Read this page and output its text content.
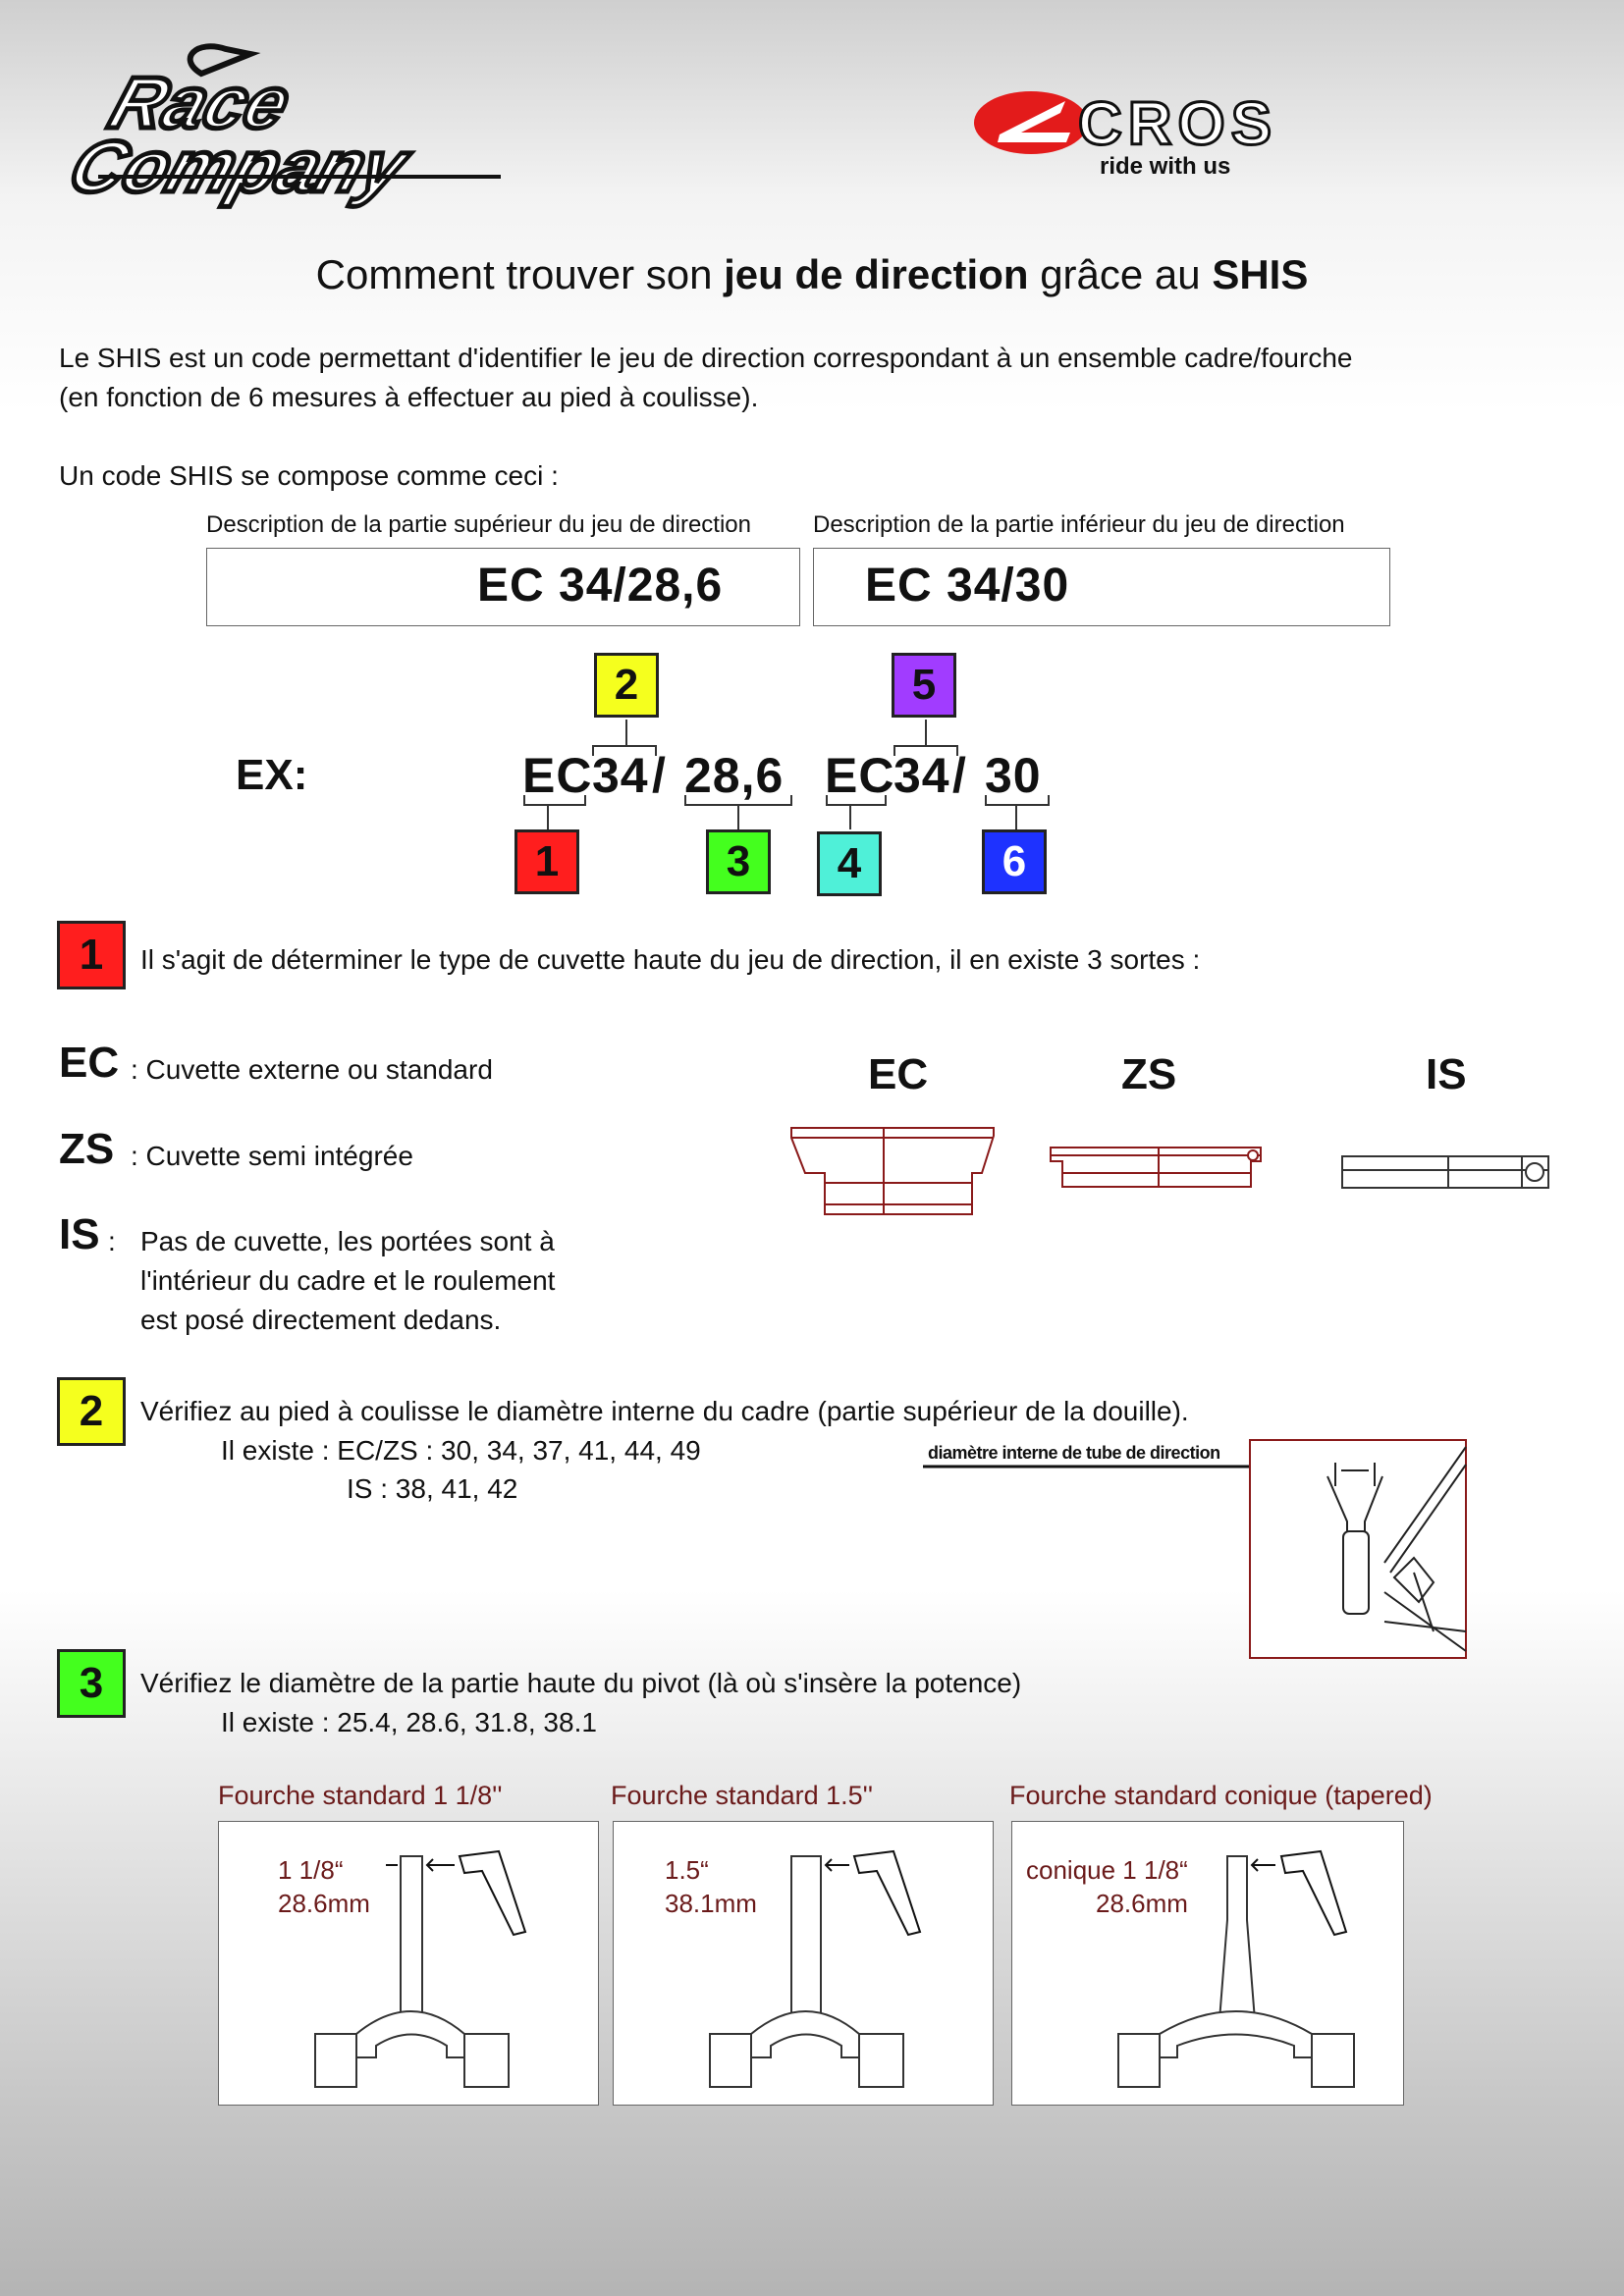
Race
Company
CROS
ride with us
Comment trouver son jeu de direction grâce au SHIS
Le SHIS est un code permettant d'identifier le jeu de direction correspondant à un ensemble cadre/fourche
(en fonction de 6 mesures à effectuer au pied à coulisse).
Un code SHIS se compose comme ceci :
Description de la partie supérieur du jeu de direction	Description de la partie inférieur du jeu de direction
EC 34/28,6	EC 34/30
EX:	EC 34 / 28,6 EC
34 / 30
2	5
1	3 4	6
1 Il s'agit de déterminer le type de cuvette haute du jeu de direction, il en existe 3 sortes :
EC : Cuvette externe ou standard
ZS : Cuvette semi intégrée
IS : Pas de cuvette, les portées sont à
l'intérieur du cadre et le roulement
est posé directement dedans.
EC	ZS	IS
2 Vérifiez au pied à coulisse le diamètre interne du cadre (partie supérieur de la douille).
Il existe : EC/ZS : 30, 34, 37, 41, 44, 49
IS : 38, 41, 42
diamètre interne de tube de direction
3 Vérifiez le diamètre de la partie haute du pivot (là où s'insère la potence)
Il existe : 25.4, 28.6, 31.8, 38.1
Fourche standard 1 1/8''
1 1/8“
28.6mm
Fourche standard 1.5''
1.5“
38.1mm
Fourche standard conique (tapered)
conique 1 1/8“
28.6mm
